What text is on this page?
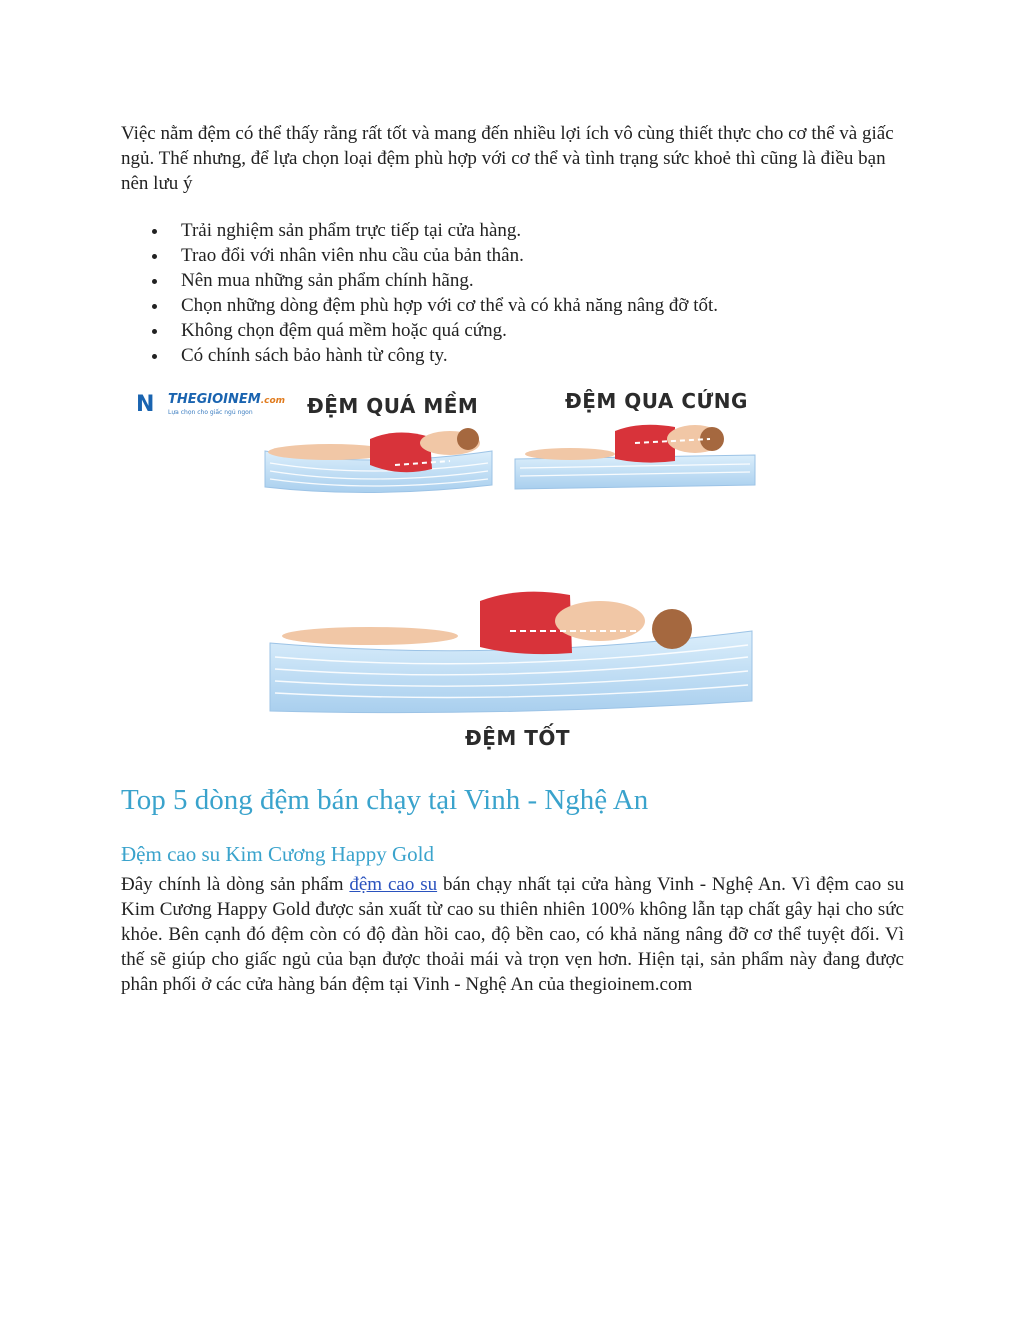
Việc nằm đệm có thể thấy rằng rất tốt và mang đến nhiều lợi ích vô cùng thiết thực cho cơ thể và giấc ngủ. Thế nhưng, để lựa chọn loại đệm phù hợp với cơ thể và tình trạng sức khoẻ thì cũng là điều bạn nên lưu ý

Trải nghiệm sản phẩm trực tiếp tại cửa hàng.
Trao đổi với nhân viên nhu cầu của bản thân.
Nên mua những sản phẩm chính hãng.
Chọn những dòng đệm phù hợp với cơ thể và có khả năng nâng đỡ tốt.
Không chọn đệm quá mềm hoặc quá cứng.
Có chính sách bảo hành từ công ty.
N THEGIOINEM.com
Lựa chọn cho giấc ngủ ngon	ĐỆM QUÁ MỀM	ĐỆM QUA CỨNG
ĐỆM TỐT
Top 5 dòng đệm bán chạy tại Vinh - Nghệ An
Đệm cao su Kim Cương Happy Gold

Đây chính là dòng sản phẩm đệm cao su bán chạy nhất tại cửa hàng Vinh - Nghệ An. Vì đệm cao su Kim Cương Happy Gold được sản xuất từ cao su thiên nhiên 100% không lẫn tạp chất gây hại cho sức khỏe. Bên cạnh đó đệm còn có độ đàn hồi cao, độ bền cao, có khả năng nâng đỡ cơ thể tuyệt đối. Vì thế sẽ giúp cho giấc ngủ của bạn được thoải mái và trọn vẹn hơn. Hiện tại, sản phẩm này đang được phân phối ở các cửa hàng bán đệm tại Vinh - Nghệ An của thegioinem.com
